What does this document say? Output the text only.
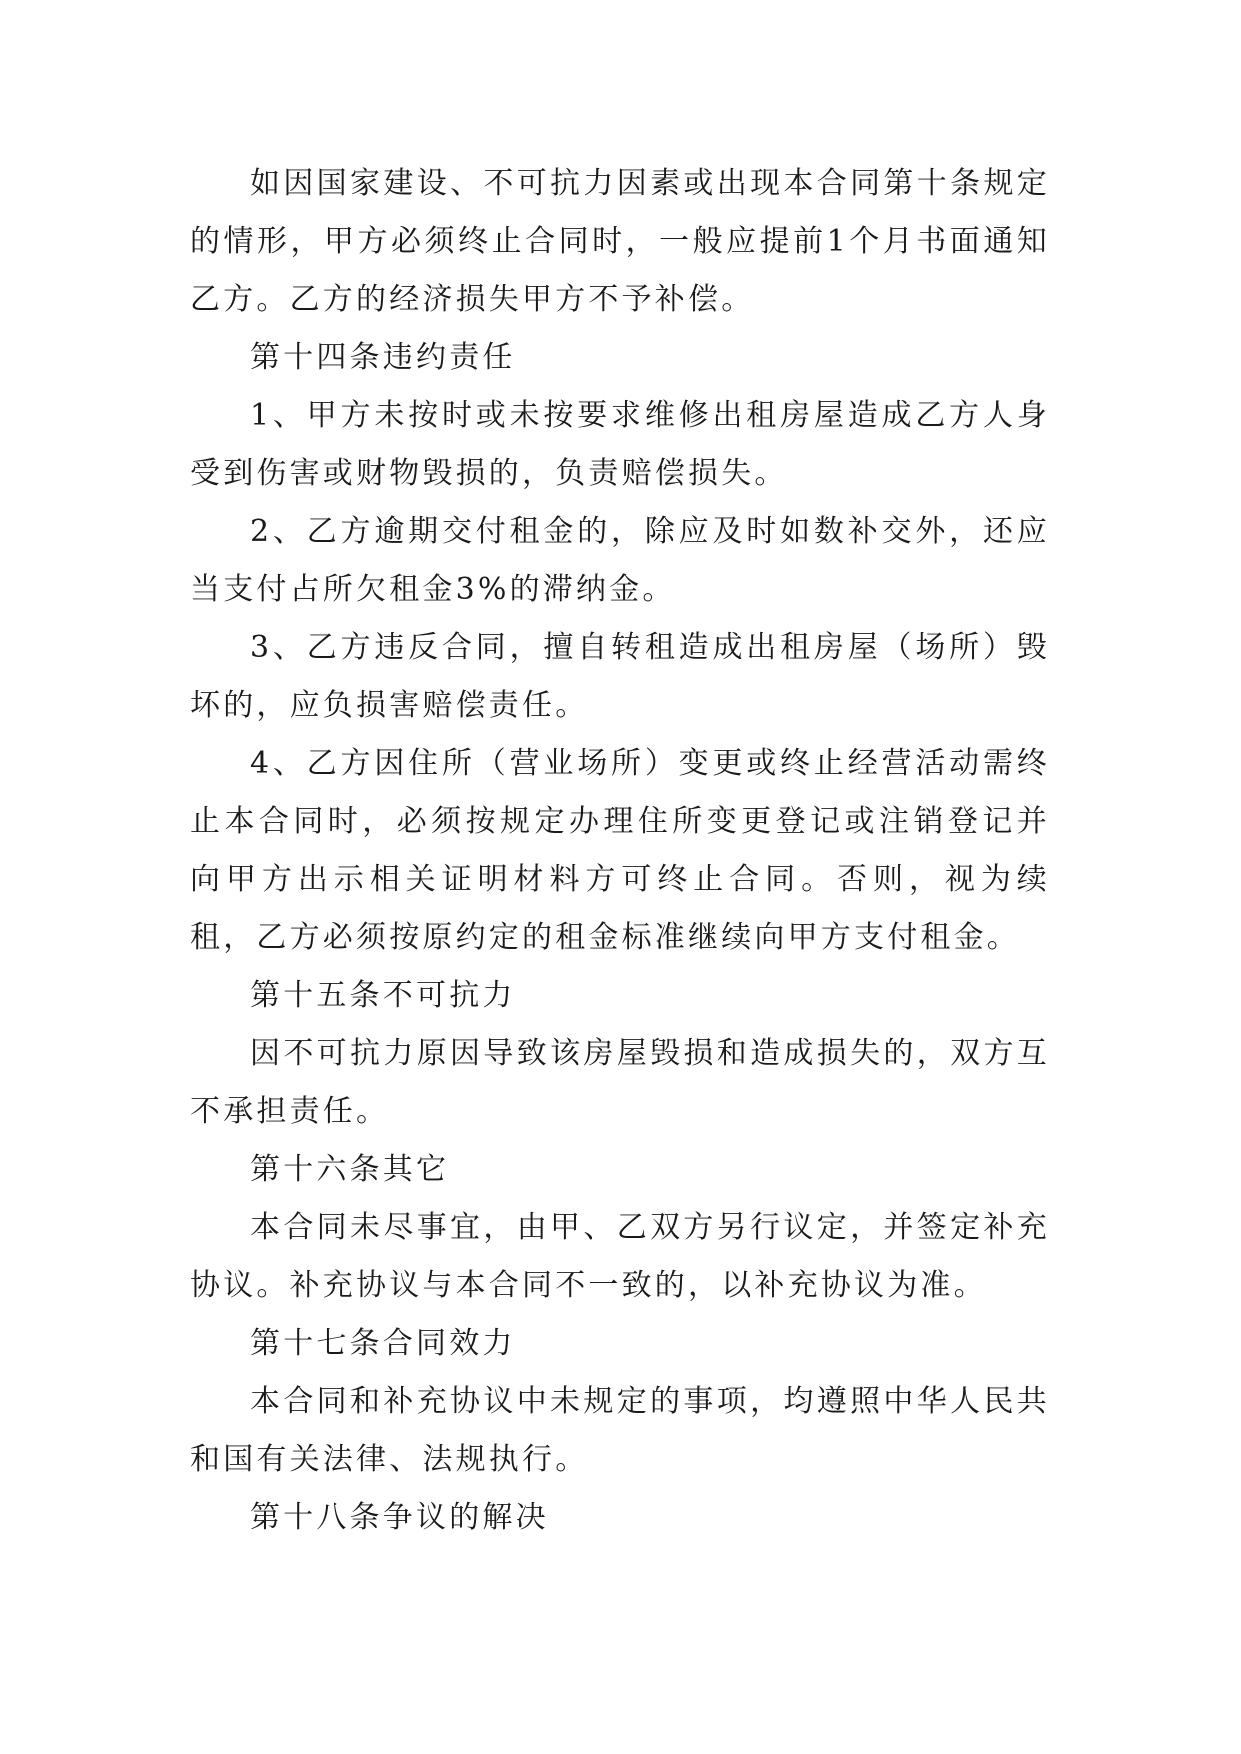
如因国家建设、不可抗力因素或出现本合同第十条规定的情形，甲方必须终止合同时，一般应提前1个月书面通知乙方。乙方的经济损失甲方不予补偿。

第十四条违约责任

1、甲方未按时或未按要求维修出租房屋造成乙方人身受到伤害或财物毁损的，负责赔偿损失。

2、乙方逾期交付租金的，除应及时如数补交外，还应当支付占所欠租金3%的滞纳金。

3、乙方违反合同，擅自转租造成出租房屋（场所）毁坏的，应负损害赔偿责任。

4、乙方因住所（营业场所）变更或终止经营活动需终止本合同时，必须按规定办理住所变更登记或注销登记并向甲方出示相关证明材料方可终止合同。否则，视为续租，乙方必须按原约定的租金标准继续向甲方支付租金。

第十五条不可抗力

因不可抗力原因导致该房屋毁损和造成损失的，双方互不承担责任。

第十六条其它

本合同未尽事宜，由甲、乙双方另行议定，并签定补充协议。补充协议与本合同不一致的，以补充协议为准。

第十七条合同效力

本合同和补充协议中未规定的事项，均遵照中华人民共和国有关法律、法规执行。

第十八条争议的解决
